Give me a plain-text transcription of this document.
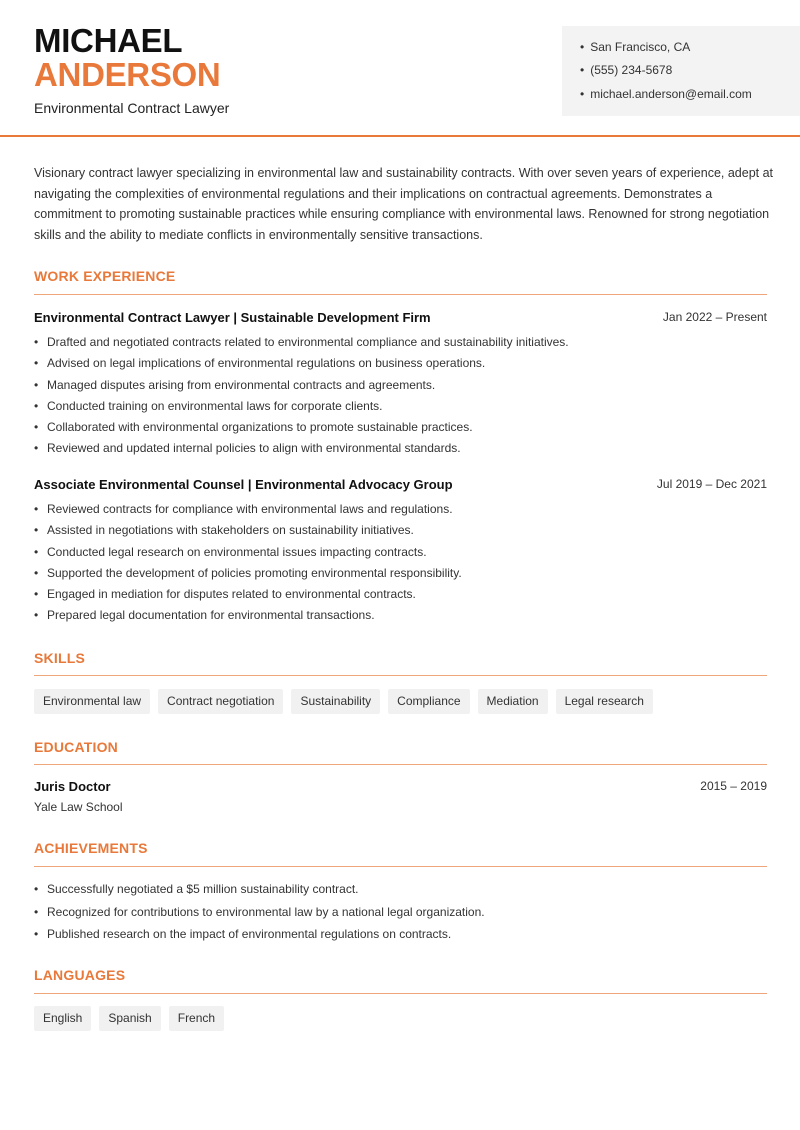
MICHAEL
ANDERSON
Environmental Contract Lawyer
• San Francisco, CA
• (555) 234-5678
• michael.anderson@email.com

Visionary contract lawyer specializing in environmental law and sustainability contracts. With over seven years of experience, adept at navigating the complexities of environmental regulations and their implications on contractual agreements. Demonstrates a commitment to promoting sustainable practices while ensuring compliance with environmental laws. Renowned for strong negotiation skills and the ability to mediate conflicts in environmentally sensitive transactions.

WORK EXPERIENCE
Environmental Contract Lawyer | Sustainable Development Firm	Jan 2022 – Present
• Drafted and negotiated contracts related to environmental compliance and sustainability initiatives.
• Advised on legal implications of environmental regulations on business operations.
• Managed disputes arising from environmental contracts and agreements.
• Conducted training on environmental laws for corporate clients.
• Collaborated with environmental organizations to promote sustainable practices.
• Reviewed and updated internal policies to align with environmental standards.
Associate Environmental Counsel | Environmental Advocacy Group	Jul 2019 – Dec 2021
• Reviewed contracts for compliance with environmental laws and regulations.
• Assisted in negotiations with stakeholders on sustainability initiatives.
• Conducted legal research on environmental issues impacting contracts.
• Supported the development of policies promoting environmental responsibility.
• Engaged in mediation for disputes related to environmental contracts.
• Prepared legal documentation for environmental transactions.
SKILLS
Environmental law	Contract negotiation	Sustainability	Compliance	Mediation	Legal research
EDUCATION
Juris Doctor
Yale Law School
2015 – 2019
ACHIEVEMENTS
• Successfully negotiated a $5 million sustainability contract.
• Recognized for contributions to environmental law by a national legal organization.
• Published research on the impact of environmental regulations on contracts.
LANGUAGES
English	Spanish	French
